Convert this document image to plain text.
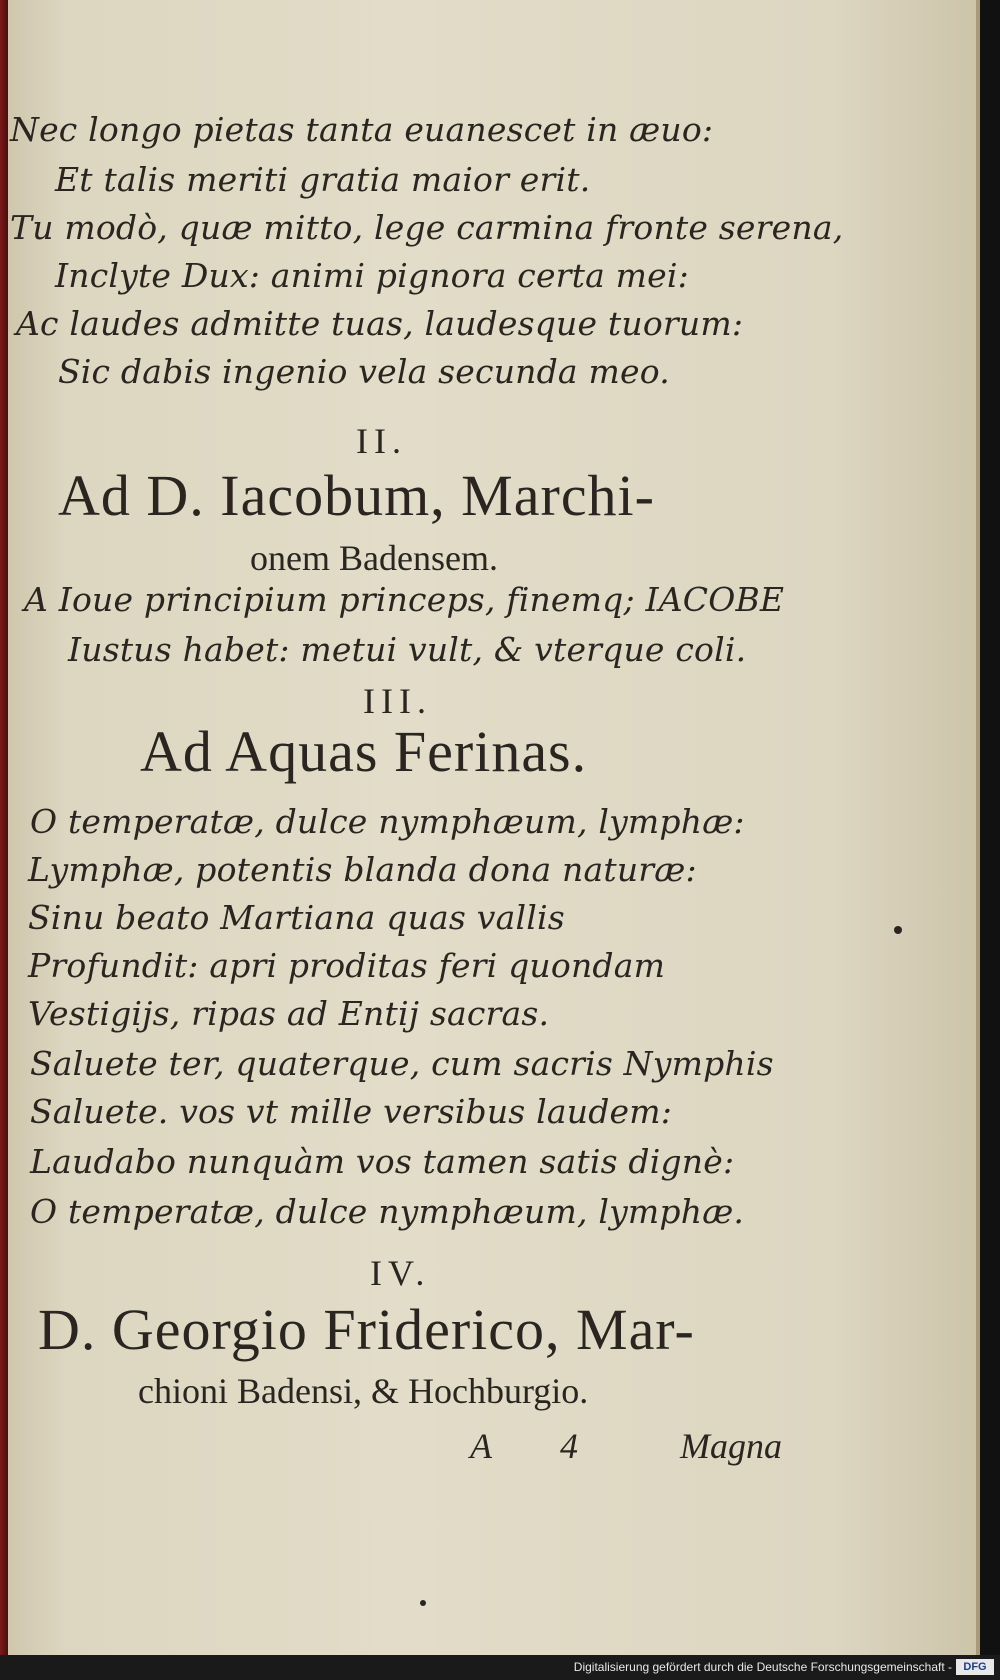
Nec longo pietas tanta euanescet in æuo:
Et talis meriti gratia maior erit.
Tu modò, quæ mitto, lege carmina fronte serena,
Inclyte Dux: animi pignora certa mei:
Ac laudes admitte tuas, laudesque tuorum:
Sic dabis ingenio vela secunda meo.
II.
Ad D. Iacobum, Marchi-
onem Badensem.
A Ioue principium princeps, finemq; IACOBE
Iustus habet: metui vult, & vterque coli.
III.
Ad Aquas Ferinas.
O temperatæ, dulce nymphæum, lymphæ:
Lymphæ, potentis blanda dona naturæ:
Sinu beato Martiana quas vallis
Profundit: apri proditas feri quondam
Vestigijs, ripas ad Entij sacras.
Saluete ter, quaterque, cum sacris Nymphis
Saluete. vos vt mille versibus laudem:
Laudabo nunquàm vos tamen satis dignè:
O temperatæ, dulce nymphæum, lymphæ.
IV.
D. Georgio Friderico, Mar-
chioni Badensi, & Hochburgio.
A 4	Magna
Digitalisierung gefördert durch die Deutsche Forschungsgemeinschaft -	DFG
